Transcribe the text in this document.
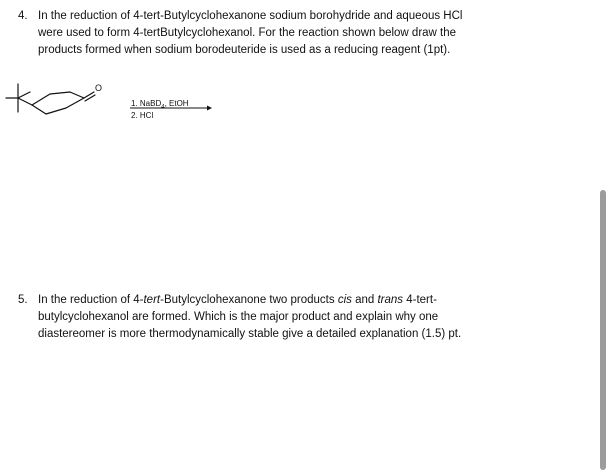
4. In the reduction of 4-tert-Butylcyclohexanone sodium borohydride and aqueous HCl
were used to form 4-tertButylcyclohexanol. For the reaction shown below draw the
products formed when sodium borodeuteride is used as a reducing reagent (1pt).
O
1. NaBD$_4$, EtOH
2. HCl
5. In the reduction of 4-tert-Butylcyclohexanone two products cis and trans 4-tert-
butylcyclohexanol are formed. Which is the major product and explain why one
diastereomer is more thermodynamically stable give a detailed explanation (1.5) pt.
